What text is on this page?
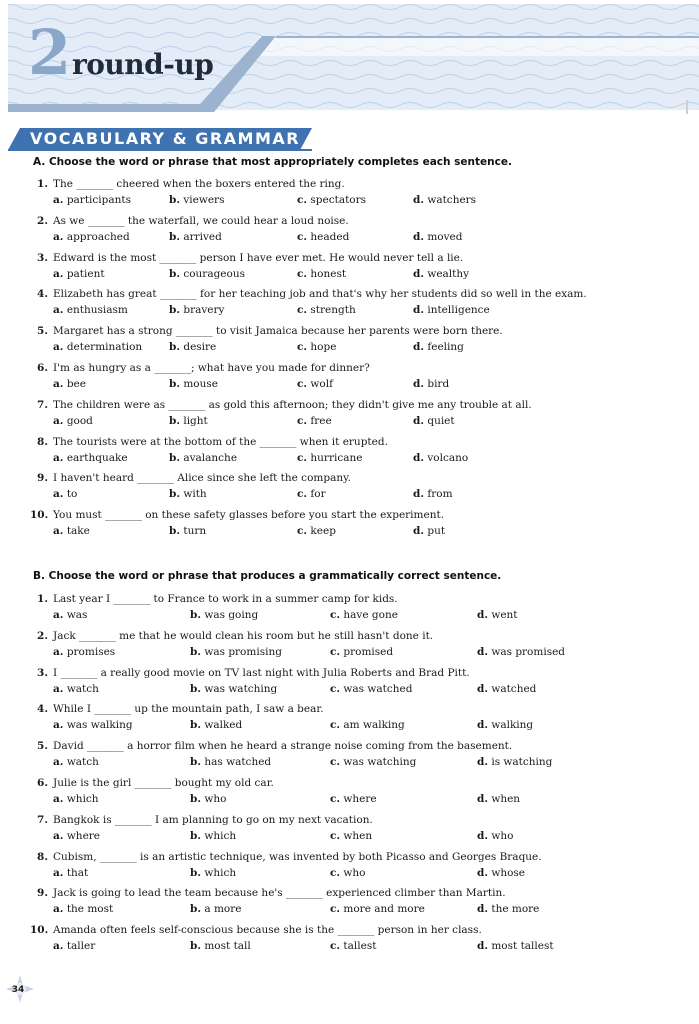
2 round-up
VOCABULARY & GRAMMAR
A. Choose the word or phrase that most appropriately completes each sentence.
1. The _______ cheered when the boxers entered the ring.
a. participants	b. viewers	c. spectators	d. watchers
2. As we _______ the waterfall, we could hear a loud noise.
a. approached	b. arrived	c. headed	d. moved
3. Edward is the most _______ person I have ever met. He would never tell a lie.
a. patient	b. courageous	c. honest	d. wealthy
4. Elizabeth has great _______ for her teaching job and that's why her students did so well in the exam.
a. enthusiasm	b. bravery	c. strength	d. intelligence
5. Margaret has a strong _______ to visit Jamaica because her parents were born there.
a. determination	b. desire	c. hope	d. feeling
6. I'm as hungry as a _______; what have you made for dinner?
a. bee	b. mouse	c. wolf	d. bird
7. The children were as _______ as gold this afternoon; they didn't give me any trouble at all.
a. good	b. light	c. free	d. quiet
8. The tourists were at the bottom of the _______ when it erupted.
a. earthquake	b. avalanche	c. hurricane	d. volcano
9. I haven't heard _______ Alice since she left the company.
a. to	b. with	c. for	d. from
10. You must _______ on these safety glasses before you start the experiment.
a. take	b. turn	c. keep	d. put
B. Choose the word or phrase that produces a grammatically correct sentence.
1. Last year I _______ to France to work in a summer camp for kids.
a. was	b. was going	c. have gone	d. went
2. Jack _______ me that he would clean his room but he still hasn't done it.
a. promises	b. was promising	c. promised	d. was promised
3. I _______ a really good movie on TV last night with Julia Roberts and Brad Pitt.
a. watch	b. was watching	c. was watched	d. watched
4. While I _______ up the mountain path, I saw a bear.
a. was walking	b. walked	c. am walking	d. walking
5. David _______ a horror film when he heard a strange noise coming from the basement.
a. watch	b. has watched	c. was watching	d. is watching
6. Julie is the girl _______ bought my old car.
a. which	b. who	c. where	d. when
7. Bangkok is _______ I am planning to go on my next vacation.
a. where	b. which	c. when	d. who
8. Cubism, _______ is an artistic technique, was invented by both Picasso and Georges Braque.
a. that	b. which	c. who	d. whose
9. Jack is going to lead the team because he's _______ experienced climber than Martin.
a. the most	b. a more	c. more and more	d. the more
10. Amanda often feels self-conscious because she is the _______ person in her class.
a. taller	b. most tall	c. tallest	d. most tallest
34
